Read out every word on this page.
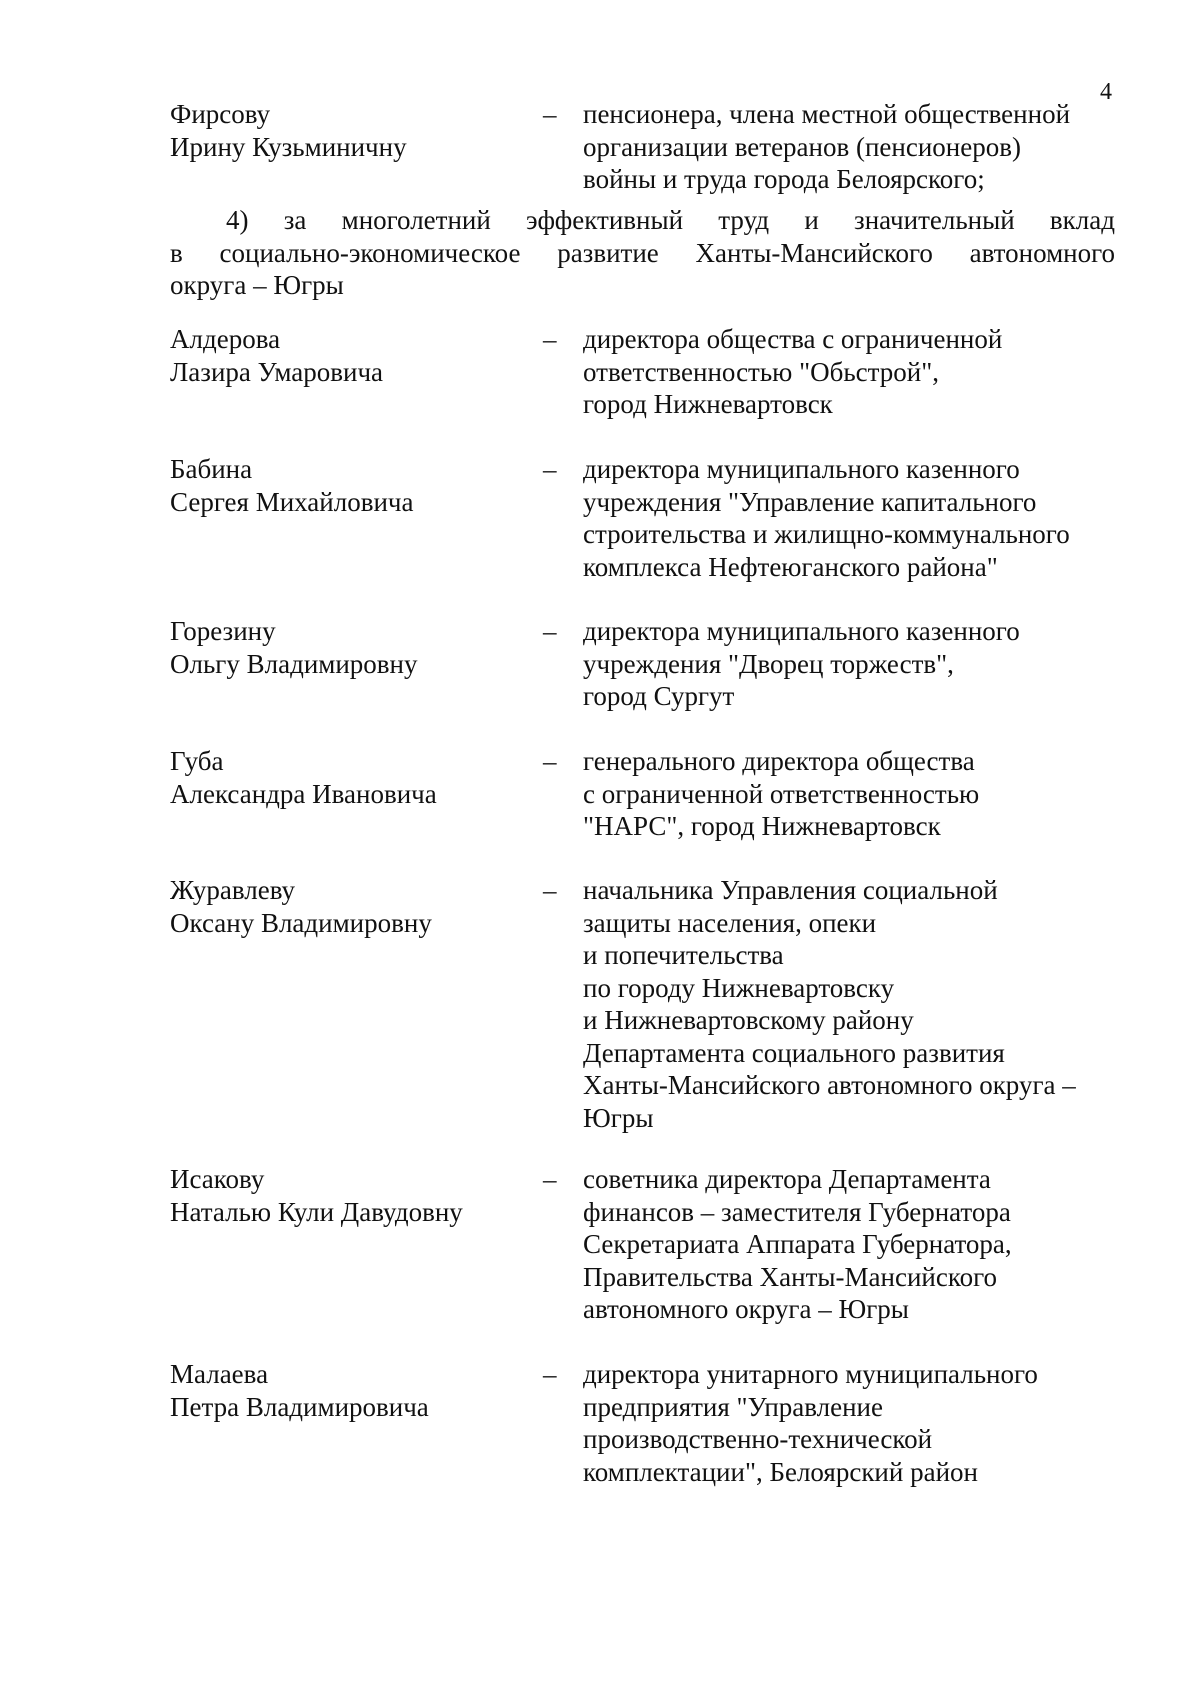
4
Фирсову
Ирину Кузьминичну
– пенсионера, члена местной общественной
организации ветеранов (пенсионеров)
войны и труда города Белоярского;
4) за многолетний эффективный труд и значительный вклад
в социально-экономическое развитие Ханты-Мансийского автономного
округа – Югры
Алдерова
Лазира Умаровича
– директора общества с ограниченной
ответственностью "Обьстрой",
город Нижневартовск
Бабина
Сергея Михайловича
– директора муниципального казенного
учреждения "Управление капитального
строительства и жилищно-коммунального
комплекса Нефтеюганского района"
Горезину
Ольгу Владимировну
– директора муниципального казенного
учреждения "Дворец торжеств",
город Сургут
Губа
Александра Ивановича
– генерального директора общества
с ограниченной ответственностью
"НАРС", город Нижневартовск
Журавлеву
Оксану Владимировну
– начальника Управления социальной
защиты населения, опеки
и попечительства
по городу Нижневартовску
и Нижневартовскому району
Департамента социального развития
Ханты-Мансийского автономного округа –
Югры
Исакову
Наталью Кули Давудовну
– советника директора Департамента
финансов – заместителя Губернатора
Секретариата Аппарата Губернатора,
Правительства Ханты-Мансийского
автономного округа – Югры
Малаева
Петра Владимировича
– директора унитарного муниципального
предприятия "Управление
производственно-технической
комплектации", Белоярский район
